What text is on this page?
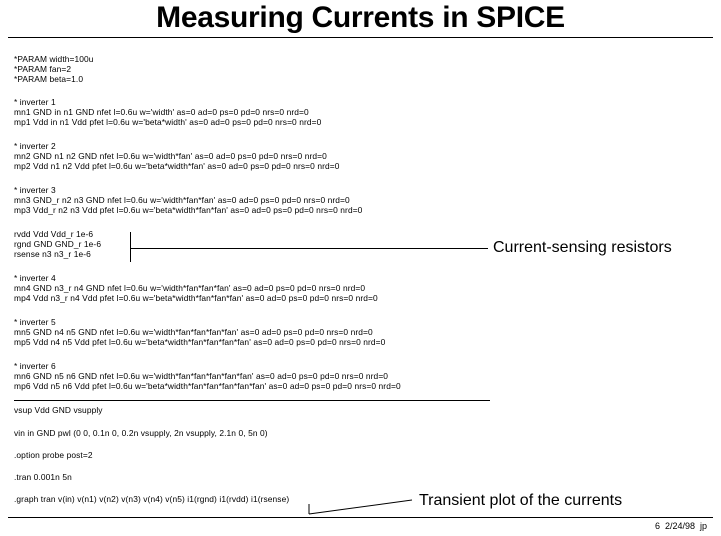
Measuring Currents in SPICE
*PARAM width=100u
*PARAM fan=2
*PARAM beta=1.0
* inverter 1
mn1 GND in n1 GND nfet l=0.6u w='width' as=0 ad=0 ps=0 pd=0 nrs=0 nrd=0
mp1 Vdd in n1 Vdd pfet l=0.6u w='beta*width' as=0 ad=0 ps=0 pd=0 nrs=0 nrd=0
* inverter 2
mn2 GND n1 n2 GND nfet l=0.6u w='width*fan' as=0 ad=0 ps=0 pd=0 nrs=0 nrd=0
mp2 Vdd n1 n2 Vdd pfet l=0.6u w='beta*width*fan' as=0 ad=0 ps=0 pd=0 nrs=0 nrd=0
* inverter 3
mn3 GND_r n2 n3 GND nfet l=0.6u w='width*fan*fan' as=0 ad=0 ps=0 pd=0 nrs=0 nrd=0
mp3 Vdd_r n2 n3 Vdd pfet l=0.6u w='beta*width*fan*fan' as=0 ad=0 ps=0 pd=0 nrs=0 nrd=0
rvdd Vdd Vdd_r 1e-6
rgnd GND GND_r 1e-6
rsense n3 n3_r 1e-6
* inverter 4
mn4 GND n3_r n4 GND nfet l=0.6u w='width*fan*fan*fan' as=0 ad=0 ps=0 pd=0 nrs=0 nrd=0
mp4 Vdd n3_r n4 Vdd pfet l=0.6u w='beta*width*fan*fan*fan' as=0 ad=0 ps=0 pd=0 nrs=0 nrd=0
* inverter 5
mn5 GND n4 n5 GND nfet l=0.6u w='width*fan*fan*fan*fan' as=0 ad=0 ps=0 pd=0 nrs=0 nrd=0
mp5 Vdd n4 n5 Vdd pfet l=0.6u w='beta*width*fan*fan*fan*fan' as=0 ad=0 ps=0 pd=0 nrs=0 nrd=0
* inverter 6
mn6 GND n5 n6 GND nfet l=0.6u w='width*fan*fan*fan*fan*fan' as=0 ad=0 ps=0 pd=0 nrs=0 nrd=0
mp6 Vdd n5 n6 Vdd pfet l=0.6u w='beta*width*fan*fan*fan*fan*fan' as=0 ad=0 ps=0 pd=0 nrs=0 nrd=0
vsup Vdd GND vsupply
vin in GND pwl (0 0, 0.1n 0, 0.2n vsupply, 2n vsupply, 2.1n 0, 5n 0)
.option probe post=2
.tran 0.001n 5n
.graph tran v(in) v(n1) v(n2) v(n3) v(n4) v(n5) i1(rgnd) i1(rvdd) i1(rsense)
Current-sensing resistors
Transient plot of the currents
6  2/24/98  jp
